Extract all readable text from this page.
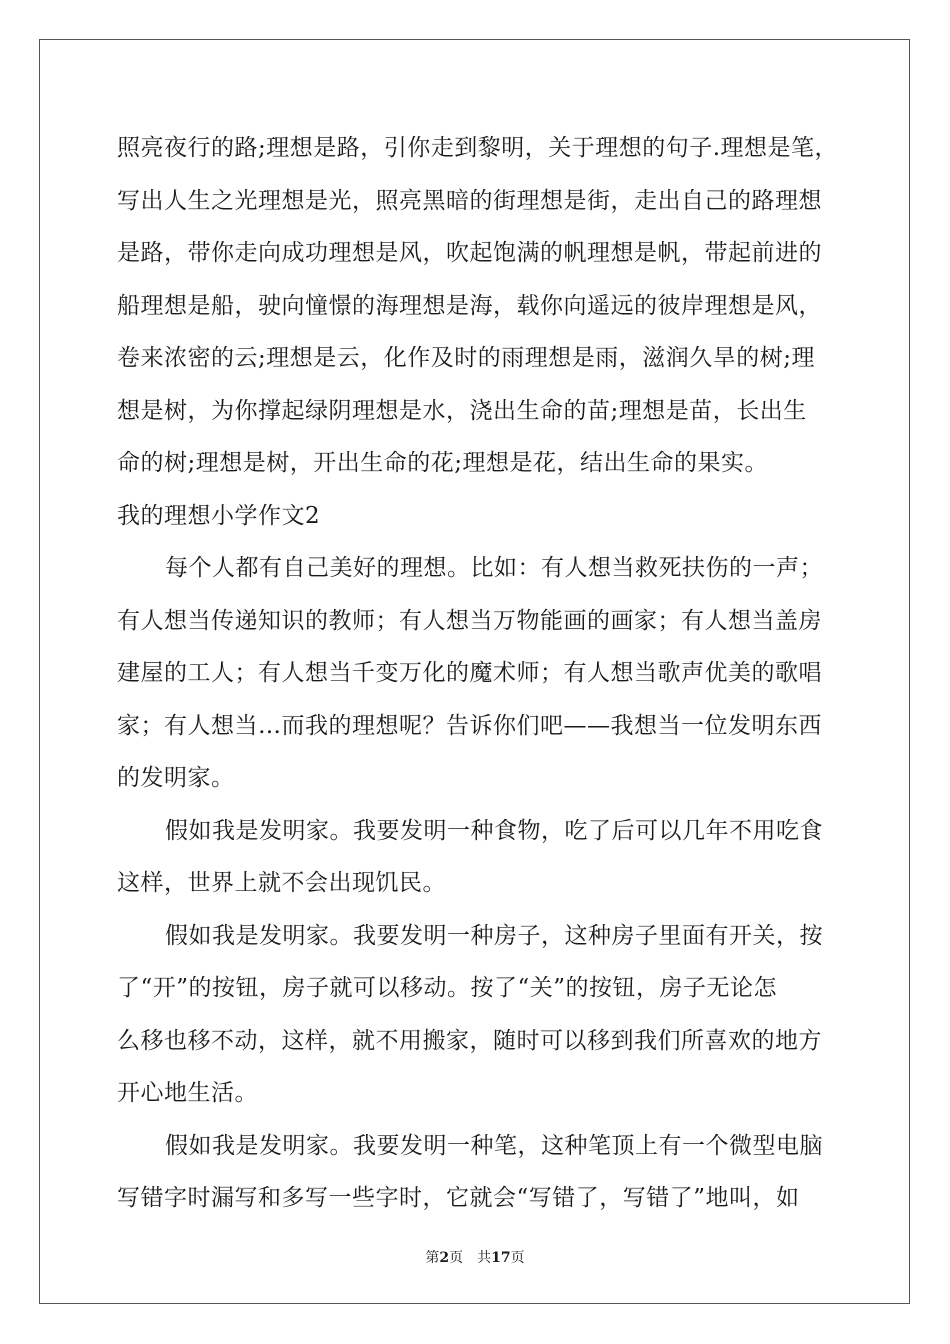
照亮夜行的路;理想是路，引你走到黎明，关于理想的句子.理想是笔，
写出人生之光理想是光，照亮黑暗的街理想是街，走出自己的路理想
是路，带你走向成功理想是风，吹起饱满的帆理想是帆，带起前进的
船理想是船，驶向憧憬的海理想是海，载你向遥远的彼岸理想是风，
卷来浓密的云;理想是云，化作及时的雨理想是雨，滋润久旱的树;理
想是树，为你撑起绿阴理想是水，浇出生命的苗;理想是苗，长出生
命的树;理想是树，开出生命的花;理想是花，结出生命的果实。
我的理想小学作文2
每个人都有自己美好的理想。比如：有人想当救死扶伤的一声；
有人想当传递知识的教师；有人想当万物能画的画家；有人想当盖房
建屋的工人；有人想当千变万化的魔术师；有人想当歌声优美的歌唱
家；有人想当…而我的理想呢？告诉你们吧——我想当一位发明东西
的发明家。
假如我是发明家。我要发明一种食物，吃了后可以几年不用吃食
这样，世界上就不会出现饥民。
假如我是发明家。我要发明一种房子，这种房子里面有开关，按
了“开”的按钮，房子就可以移动。按了“关”的按钮，房子无论怎
么移也移不动，这样，就不用搬家，随时可以移到我们所喜欢的地方
开心地生活。
假如我是发明家。我要发明一种笔，这种笔顶上有一个微型电脑
写错字时漏写和多写一些字时，它就会“写错了，写错了”地叫，如
第2页 共17页
